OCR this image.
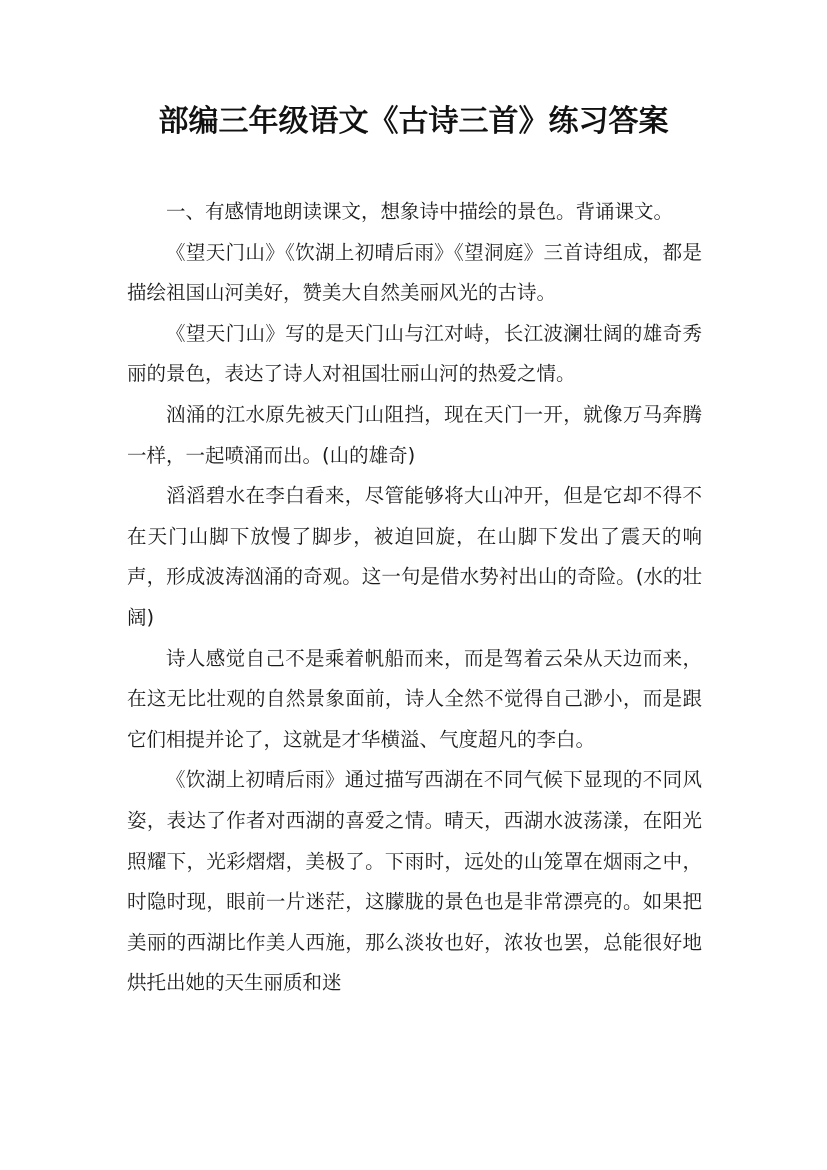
部编三年级语文《古诗三首》练习答案

一、有感情地朗读课文，想象诗中描绘的景色。背诵课文。

《望天门山》《饮湖上初晴后雨》《望洞庭》三首诗组成，都是描绘祖国山河美好，赞美大自然美丽风光的古诗。

《望天门山》写的是天门山与江对峙，长江波澜壮阔的雄奇秀丽的景色，表达了诗人对祖国壮丽山河的热爱之情。

汹涌的江水原先被天门山阻挡，现在天门一开，就像万马奔腾一样，一起喷涌而出。(山的雄奇)

滔滔碧水在李白看来，尽管能够将大山冲开，但是它却不得不在天门山脚下放慢了脚步，被迫回旋，在山脚下发出了震天的响声，形成波涛汹涌的奇观。这一句是借水势衬出山的奇险。(水的壮阔)

诗人感觉自己不是乘着帆船而来，而是驾着云朵从天边而来，在这无比壮观的自然景象面前，诗人全然不觉得自己渺小，而是跟它们相提并论了，这就是才华横溢、气度超凡的李白。

《饮湖上初晴后雨》通过描写西湖在不同气候下显现的不同风姿，表达了作者对西湖的喜爱之情。晴天，西湖水波荡漾，在阳光照耀下，光彩熠熠，美极了。下雨时，远处的山笼罩在烟雨之中，时隐时现，眼前一片迷茫，这朦胧的景色也是非常漂亮的。如果把美丽的西湖比作美人西施，那么淡妆也好，浓妆也罢，总能很好地烘托出她的天生丽质和迷
